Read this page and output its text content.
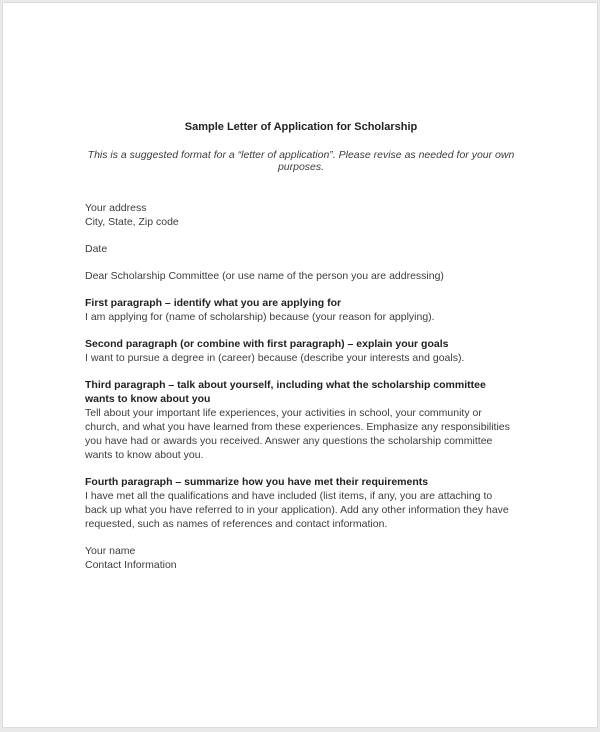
Sample Letter of Application for Scholarship

This is a suggested format for a “letter of application”. Please revise as needed for your own purposes.

Your address

City, State, Zip code

Date

Dear Scholarship Committee (or use name of the person you are addressing)

First paragraph – identify what you are applying for

I am applying for (name of scholarship) because (your reason for applying).

Second paragraph (or combine with first paragraph) – explain your goals

I want to pursue a degree in (career) because (describe your interests and goals).

Third paragraph – talk about yourself, including what the scholarship committee wants to know about you

Tell about your important life experiences, your activities in school, your community or church, and what you have learned from these experiences. Emphasize any responsibilities you have had or awards you received. Answer any questions the scholarship committee wants to know about you.

Fourth paragraph – summarize how you have met their requirements

I have met all the qualifications and have included (list items, if any, you are attaching to back up what you have referred to in your application). Add any other information they have requested, such as names of references and contact information.

Your name

Contact Information
